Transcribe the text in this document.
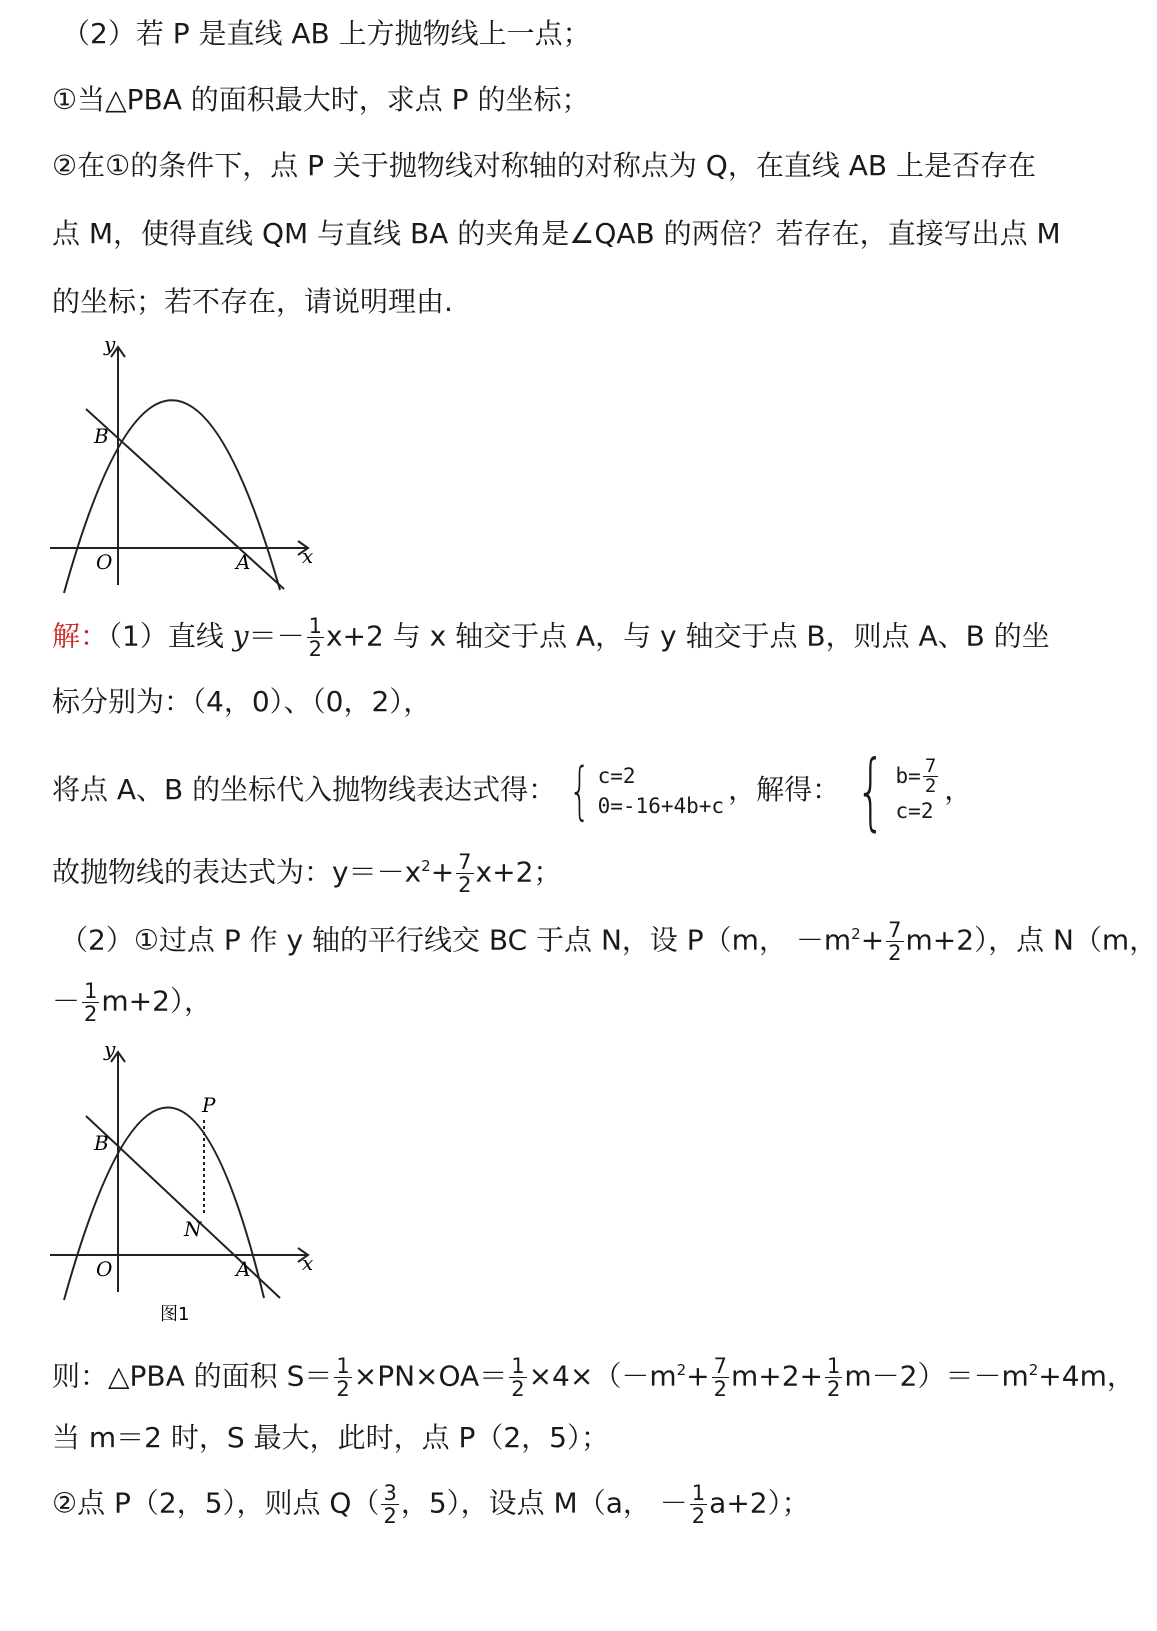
（2）若 P 是直线 AB 上方抛物线上一点；
①当△PBA 的面积最大时，求点 P 的坐标；
②在①的条件下，点 P 关于抛物线对称轴的对称点为 Q，在直线 AB 上是否存在
点 M，使得直线 QM 与直线 BA 的夹角是∠QAB 的两倍？若存在，直接写出点 M
的坐标；若不存在，请说明理由.
y
x
O	A
B
解：（1）直线 $y=- \frac{1}{2} x+2$ 与 x 轴交于点 A，与 y 轴交于点 B，则点 A、B 的坐
标分别为：（4，0）、（0，2），
将点 A、B 的坐标代入抛物线表达式得： { c=2
0=-16+4b+c ，解得： { $b= \frac{7}{2}$
c=2
，
故抛物线的表达式为：$y=-x^2+ \frac{7}{2} x+2$；
（2）①过点 P 作 y 轴的平行线交 BC 于点 N，设 P（m， $-m^2+ \frac{7}{2} m+2$），点 N（m，
－ $\frac{1}{2} m+2$），
y
x
O	A
B
P
N
图1
则：△PBA 的面积 $S= \frac{1}{2} \times PN\times OA= \frac{1}{2} \times 4\times(-m^2+ \frac{7}{2} m+2+ \frac{1}{2} m-2)=-m^2+4m$，
当 m＝2 时，S 最大，此时，点 P（2，5）；
②点 P（2，5），则点 $Q( \frac{3}{2}$ ，5），设点 M（a， － $\frac{1}{2} a+2$）；
